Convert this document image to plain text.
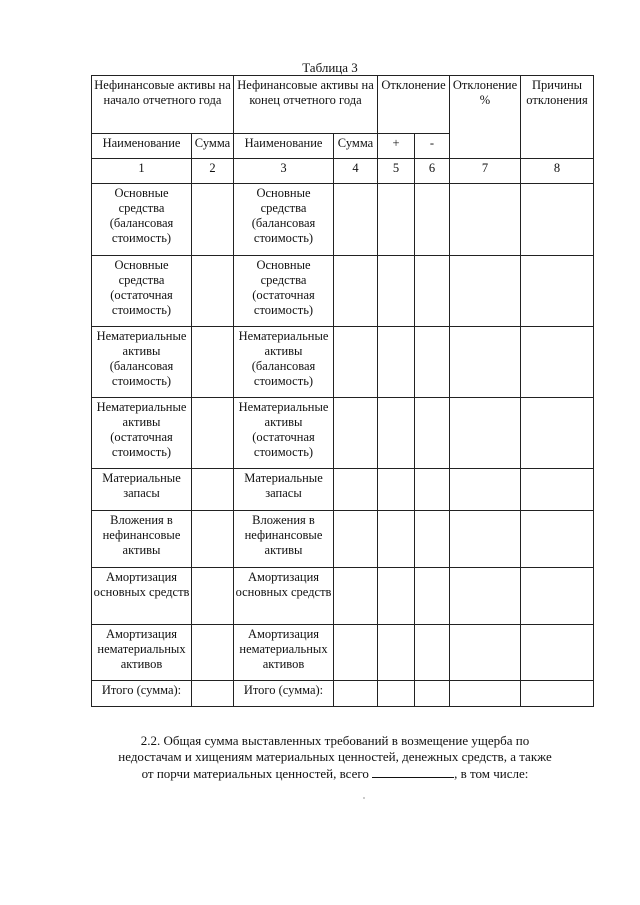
Таблица 3
Нефинансовые активы на начало отчетного года		Нефинансовые активы на конец отчетного года		Отклонение		Отклонение %	Причины отклонения
Наименование	Сумма	Наименование	Сумма	+	-		
1	2	3	4	5	6	7	8
Основные средства (балансовая стоимость)		Основные средства (балансовая стоимость)					
Основные средства (остаточная стоимость)		Основные средства (остаточная стоимость)					
Нематериальные активы (балансовая стоимость)		Нематериальные активы (балансовая стоимость)					
Нематериальные активы (остаточная стоимость)		Нематериальные активы (остаточная стоимость)					
Материальные запасы		Материальные запасы					
Вложения в нефинансовые активы		Вложения в нефинансовые активы					
Амортизация основных средств		Амортизация основных средств					
Амортизация нематериальных активов		Амортизация нематериальных активов					
Итого (сумма):		Итого (сумма):					
2.2. Общая сумма выставленных требований в возмещение ущерба по
недостачам и хищениям материальных ценностей, денежных средств, а также
от порчи материальных ценностей, всего	, в том числе:
